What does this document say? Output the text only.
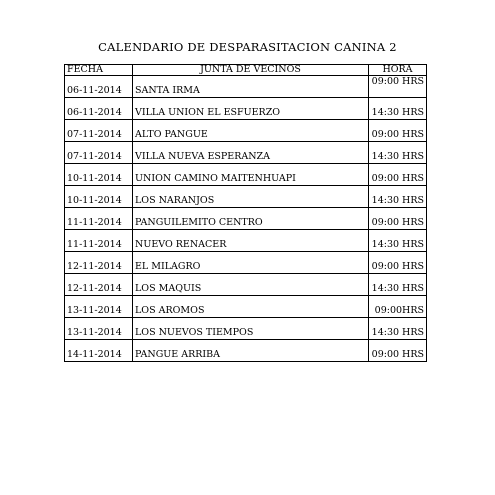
CALENDARIO DE DESPARASITACION CANINA 2
FECHA	JUNTA DE VECINOS	HORA
06-11-2014	SANTA IRMA	09:00 HRS
06-11-2014	VILLA UNION EL ESFUERZO	14:30 HRS
07-11-2014	ALTO PANGUE	09:00 HRS
07-11-2014	VILLA NUEVA ESPERANZA	14:30 HRS
10-11-2014	UNION CAMINO MAITENHUAPI	09:00 HRS
10-11-2014	LOS NARANJOS	14:30 HRS
11-11-2014	PANGUILEMITO CENTRO	09:00 HRS
11-11-2014	NUEVO RENACER	14:30 HRS
12-11-2014	EL MILAGRO	09:00 HRS
12-11-2014	LOS MAQUIS	14:30 HRS
13-11-2014	LOS AROMOS	09:00HRS
13-11-2014	LOS NUEVOS TIEMPOS	14:30 HRS
14-11-2014	PANGUE ARRIBA	09:00 HRS
